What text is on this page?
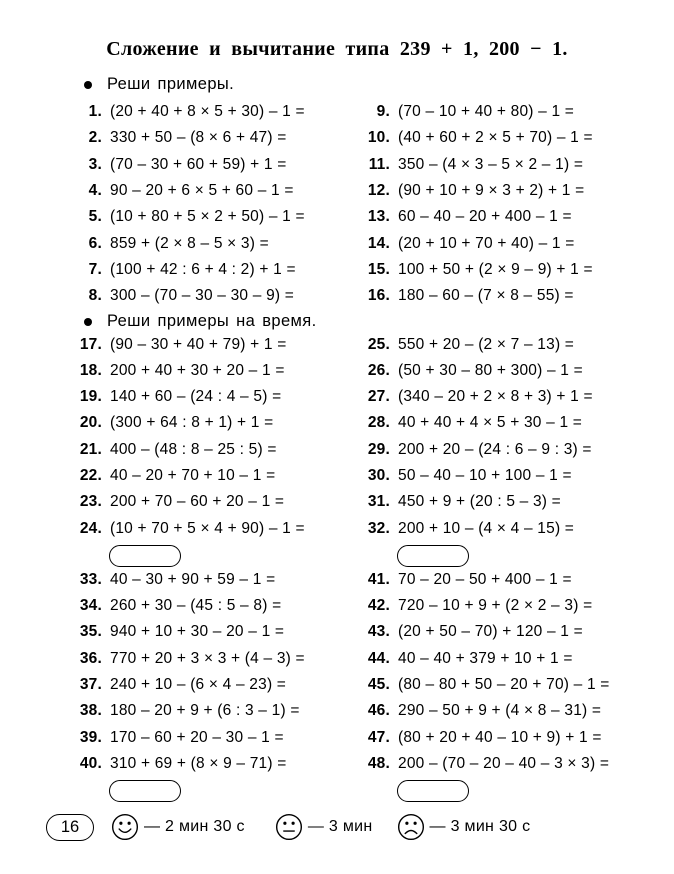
Сложение и вычитание типа 239 + 1, 200 − 1.
Реши примеры.
1. (20 + 40 + 8 × 5 + 30) – 1 =
2. 330 + 50 – (8 × 6 + 47) =
3. (70 – 30 + 60 + 59) + 1 =
4. 90 – 20 + 6 × 5 + 60 – 1 =
5. (10 + 80 + 5 × 2 + 50) – 1 =
6. 859 + (2 × 8 – 5 × 3) =
7. (100 + 42 : 6 + 4 : 2) + 1 =
8. 300 – (70 – 30 – 30 – 9) =
9. (70 – 10 + 40 + 80) – 1 =
10. (40 + 60 + 2 × 5 + 70) – 1 =
11. 350 – (4 × 3 – 5 × 2 – 1) =
12. (90 + 10 + 9 × 3 + 2) + 1 =
13. 60 – 40 – 20 + 400 – 1 =
14. (20 + 10 + 70 + 40) – 1 =
15. 100 + 50 + (2 × 9 – 9) + 1 =
16. 180 – 60 – (7 × 8 – 55) =
Реши примеры на время.
17. (90 – 30 + 40 + 79) + 1 =
18. 200 + 40 + 30 + 20 – 1 =
19. 140 + 60 – (24 : 4 – 5) =
20. (300 + 64 : 8 + 1) + 1 =
21. 400 – (48 : 8 – 25 : 5) =
22. 40 – 20 + 70 + 10 – 1 =
23. 200 + 70 – 60 + 20 – 1 =
24. (10 + 70 + 5 × 4 + 90) – 1 =
25. 550 + 20 – (2 × 7 – 13) =
26. (50 + 30 – 80 + 300) – 1 =
27. (340 – 20 + 2 × 8 + 3) + 1 =
28. 40 + 40 + 4 × 5 + 30 – 1 =
29. 200 + 20 – (24 : 6 – 9 : 3) =
30. 50 – 40 – 10 + 100 – 1 =
31. 450 + 9 + (20 : 5 – 3) =
32. 200 + 10 – (4 × 4 – 15) =
33. 40 – 30 + 90 + 59 – 1 =
34. 260 + 30 – (45 : 5 – 8) =
35. 940 + 10 + 30 – 20 – 1 =
36. 770 + 20 + 3 × 3 + (4 – 3) =
37. 240 + 10 – (6 × 4 – 23) =
38. 180 – 20 + 9 + (6 : 3 – 1) =
39. 170 – 60 + 20 – 30 – 1 =
40. 310 + 69 + (8 × 9 – 71) =
41. 70 – 20 – 50 + 400 – 1 =
42. 720 – 10 + 9 + (2 × 2 – 3) =
43. (20 + 50 – 70) + 120 – 1 =
44. 40 – 40 + 379 + 10 + 1 =
45. (80 – 80 + 50 – 20 + 70) – 1 =
46. 290 – 50 + 9 + (4 × 8 – 31) =
47. (80 + 20 + 40 – 10 + 9) + 1 =
48. 200 – (70 – 20 – 40 – 3 × 3) =
16	— 2 мин 30 с	— 3 мин	— 3 мин 30 с
